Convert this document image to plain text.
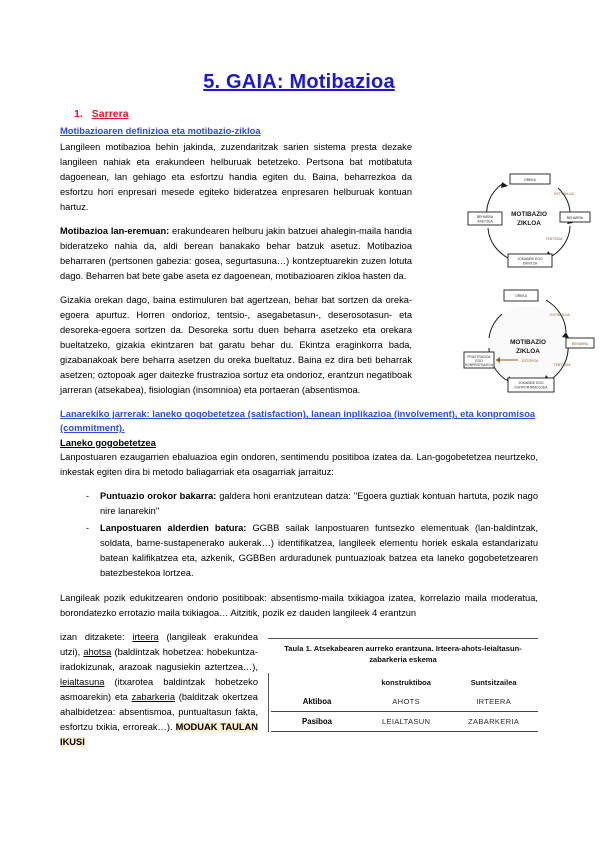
OREKA
BEHARRA
JOKABIDE EDO
EKINTZA
BEHARRA
ASETZEA
ESTIMULUA
TENTSIOA
MOTIBAZIO
ZIKLOA
OREKA
BEHARRA
JOKABIDE EDO
KONPORTAMOLDEA
FRUSTRAZIOA
EDO
KONPENTSAZIOA
ESTIMULUA
TENTSIOA
OZTOPOA
MOTIBAZIO
ZIKLOA
5. GAIA: Motibazioa
1. Sarrera
Motibazioaren definizioa eta motibazio-zikloa

Langileen motibazioa behin jakinda, zuzendaritzak sarien sistema presta dezake langileen nahiak eta erakundeen helburuak betetzeko. Pertsona bat motibatuta dagoenean, lan gehiago eta esfortzu handia egiten du. Baina, beharrezkoa da esfortzu hori enpresari mesede egiteko bideratzea enpresaren helburuak kontuan hartuz.

Motibazioa lan-eremuan: erakundearen helburu jakin batzuei ahalegin-maila handia bideratzeko nahia da, aldi berean banakako behar batzuk asetuz. Motibazioa beharraren (pertsonen gabezia: gosea, segurtasuna…) kontzeptuarekin zuzen lotuta dago. Beharren bat bete gabe aseta ez dagoenean, motibazioaren zikloa hasten da.

Gizakia orekan dago, baina estimuluren bat agertzean, behar bat sortzen da oreka-egoera apurtuz. Horren ondorioz, tentsio-, asegabetasun-, deserosotasun- eta desoreka-egoera sortzen da. Desoreka sortu duen beharra asetzeko eta orekara bueltatzeko, gizakia ekintzaren bat garatu behar du. Ekintza eraginkorra bada, gizabanakoak bere beharra asetzen du oreka bueltatuz. Baina ez dira beti beharrak asetzen; oztopoak ager daitezke frustrazioa sortuz eta ondorioz, erantzun negatiboak jarreran (atsekabea), fisiologian (insomnioa) eta portaeran (absentismoa.

Lanarekiko jarrerak: laneko gogobetetzea (satisfaction), lanean inplikazioa (involvement), eta konpromisoa (commitment).
Laneko gogobetetzea

Lanpostuaren ezaugarrien ebaluazioa egin ondoren, sentimendu positiboa izatea da. Lan-gogobetetzea neurtzeko, inkestak egiten dira bi metodo baliagarriak eta osagarriak jarraituz:

- Puntuazio orokor bakarra: galdera honi erantzutean datza: "Egoera guztiak kontuan hartuta, pozik nago nire lanarekin"
- Lanpostuaren alderdien batura: GGBB sailak lanpostuaren funtsezko elementuak (lan-baldintzak, soldata, barne-sustapenerako aukerak…) identifikatzea, langileek elementu horiek eskala estandarizatu batean kalifikatzea eta, azkenik, GGBBen arduradunek puntuazioak batzea eta laneko gogobetetzearen batezbestekoa lortzea.

Langileak pozik edukitzearen ondorio positiboak: absentismo-maila txikiagoa izatea, korrelazio maila moderatua, borondatezko errotazio maila txikiagoa… Aitzitik, pozik ez dauden langileek 4 erantzun

Taula 1. Atsekabearen aurreko erantzuna. Irteera-ahots-leialtasun-zabarkeria eskema
	konstruktiboa	Suntsitzailea
Aktiboa	AHOTS	IRTEERA
Pasiboa	LEIALTASUN	ZABARKERIA

izan ditzakete: irteera (langileak erakundea utzi), ahotsa (baldintzak hobetzea: hobekuntza-iradokizunak, arazoak nagusiekin aztertzea…), leialtasuna (itxarotea baldintzak hobetzeko asmoarekin) eta zabarkeria (balditzak okertzea ahalbidetzea: absentismoa, puntualtasun fakta, esfortzu txikia, erroreak…). MODUAK TAULAN IKUSI
